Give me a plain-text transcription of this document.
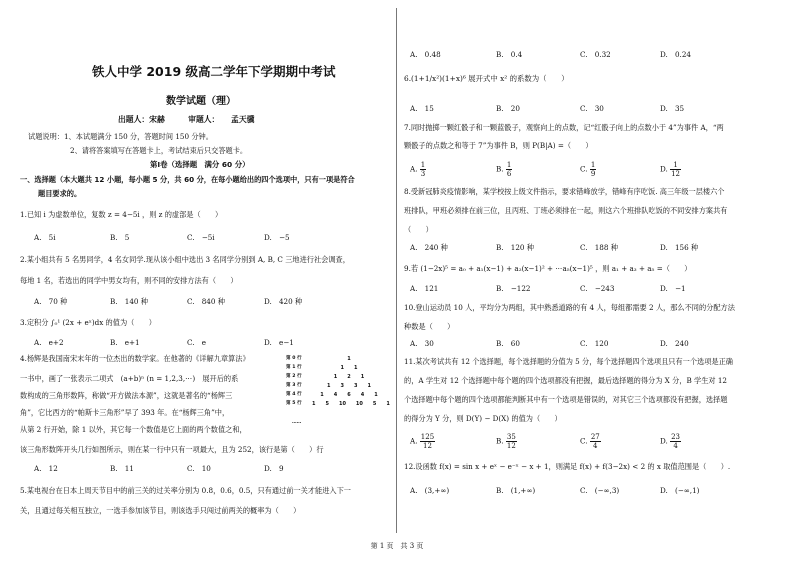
铁人中学 2019 级高二学年下学期期中考试
数学试题（理）
出题人：宋赫　　　审题人：　　孟天骥
试题说明：1、本试题满分 150 分，答题时间 150 分钟。
2、请将答案填写在答题卡上，考试结束后只交答题卡。
第Ⅰ卷（选择题　满分 60 分）
一、选择题（本大题共 12 小题，每小题 5 分，共 60 分，在每小题给出的四个选项中，只有一项是符合
题目要求的。
1.已知 i 为虚数单位，复数 z = 4−5i ，则 z 的虚部是（　　）
A.　5i	B.　5	C.　−5i	D.　−5
2.某小组共有 5 名男同学，4 名女同学.现从该小组中选出 3 名同学分别到 A, B, C 三地进行社会调查，
每地 1 名，若选出的同学中男女均有，则不同的安排方法有（　　）
A.　70 种	B.　140 种	C.　840 种	D.　420 种
3.定积分 ∫₀¹ (2x + eˣ)dx 的值为（　　）
A.　e+2	B.　e+1	C.　e	D.　e−1
4.杨辉是我国南宋末年的一位杰出的数学家。在他著的《详解九章算法》
一书中，画了一张表示二项式　(a+b)ⁿ (n = 1,2,3,⋯)　展开后的系
数构成的三角形数阵，称做“开方做法本源”，这就是著名的“杨辉三
角”，它比西方的“帕斯卡三角形”早了 393 年。在“杨辉三角”中，
从第 2 行开始，除 1 以外，其它每一个数值是它上面的两个数值之和，
该三角形数阵开头几行如图所示，则在某一行中只有一项最大，且为 252，该行是第（　　）行
A.　12	B.　11	C.　10	D.　9
第 0 行
第 1 行
第 2 行
第 3 行
第 4 行
第 5 行
1
1　　1
1　　2　　1
1　　3　　3　　1
1　　4　　6　　4　　1
1　　5　　10　　10　　5　　1
……
5.某电视台在日本上周天节目中的前三关的过关率分别为 0.8，0.6，0.5，只有通过前一关才能进入下一
关，且通过每关相互独立，一选手参加该节目，则该选手只闯过前两关的概率为（　　）
A.　0.48	B.　0.4	C.　0.32	D.　0.24
6.(1+1/x²)(1+x)⁶ 展开式中 x² 的系数为（　　）
A.　15	B.　20	C.　30	D.　35
7.同时抛掷一颗红骰子和一颗蓝骰子，观察向上的点数，记“红骰子向上的点数小于 4”为事件 A，“两
颗骰子的点数之和等于 7”为事件 B，则 P(B|A) =（　　）
A. $\frac{1}{3}$	B. $\frac{1}{6}$	C. $\frac{1}{9}$	D. $\frac{1}{12}$
8.受新冠肺炎疫情影响，某学校按上级文件指示，要求错峰放学，错峰有序吃饭. 高三年级一层楼六个
班排队，甲班必须排在前三位，且丙班、丁班必须排在一起，则这六个班排队吃饭的不同安排方案共有
（　　）
A.　240 种	B.　120 种	C.　188 种	D.　156 种
9.若 (1−2x)⁵ = a₀ + a₁(x−1) + a₂(x−1)² + ⋯a₅(x−1)⁵ ，则 a₁ + a₃ + a₅ =（　　）
A.　121	B.　−122	C.　−243	D.　−1
10.登山运动员 10 人，平均分为两组，其中熟悉道路的有 4 人，每组都需要 2 人，那么不同的分配方法
种数是（　　）
A.　30	B.　60	C.　120	D.　240
11.某次考试共有 12 个选择题，每个选择题的分值为 5 分，每个选择题四个选项且只有一个选项是正确
的，A 学生对 12 个选择题中每个题的四个选项都没有把握，最后选择题的得分为 X 分，B 学生对 12
个选择题中每个题的四个选项都能判断其中有一个选项是错误的，对其它三个选项都没有把握，选择题
的得分为 Y 分，则 D(Y) − D(X) 的值为（　　）
A. $\frac{125}{12}$	B. $\frac{35}{12}$	C. $\frac{27}{4}$	D. $\frac{23}{4}$
12.设函数 f(x) = sin x + eˣ − e⁻ˣ − x + 1，则满足 f(x) + f(3−2x) < 2 的 x 取值范围是（　　）.
A.　(3,+∞)	B.　(1,+∞)	C.　(−∞,3)	D.　(−∞,1)
第 1 页　共 3 页
